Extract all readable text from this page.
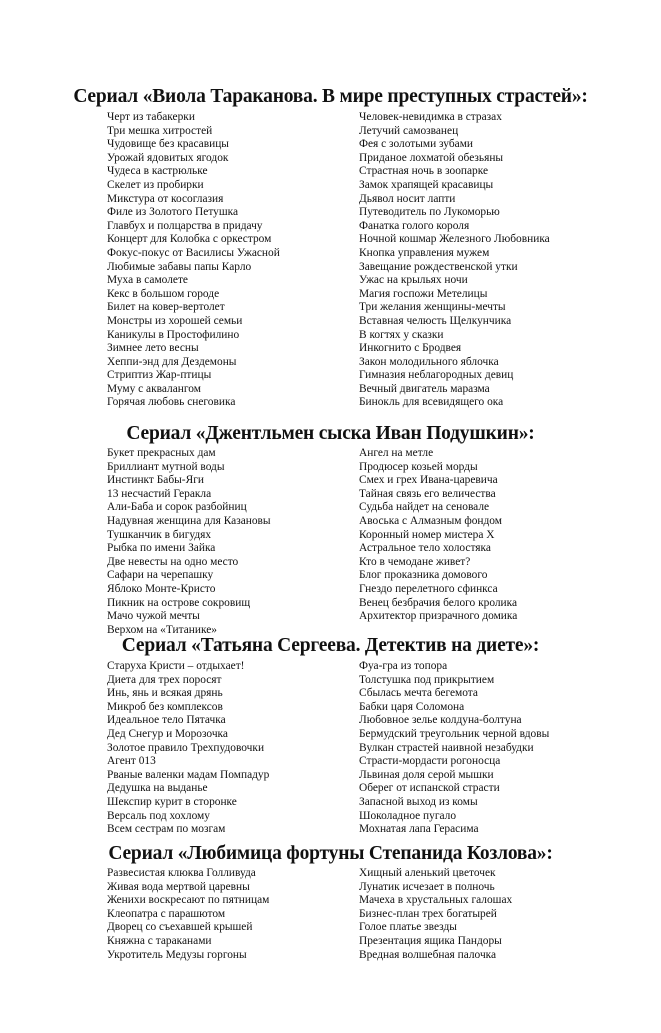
Сериал «Виола Тараканова. В мире преступных страстей»:
Черт из табакерки
Три мешка хитростей
Чудовище без красавицы
Урожай ядовитых ягодок
Чудеса в кастрюльке
Скелет из пробирки
Микстура от косоглазия
Филе из Золотого Петушка
Главбух и полцарства в придачу
Концерт для Колобка с оркестром
Фокус-покус от Василисы Ужасной
Любимые забавы папы Карло
Муха в самолете
Кекс в большом городе
Билет на ковер-вертолет
Монстры из хорошей семьи
Каникулы в Простофилино
Зимнее лето весны
Хеппи-энд для Дездемоны
Стриптиз Жар-птицы
Муму с аквалангом
Горячая любовь снеговика
Человек-невидимка в стразах
Летучий самозванец
Фея с золотыми зубами
Приданое лохматой обезьяны
Страстная ночь в зоопарке
Замок храпящей красавицы
Дьявол носит лапти
Путеводитель по Лукоморью
Фанатка голого короля
Ночной кошмар Железного Любовника
Кнопка управления мужем
Завещание рождественской утки
Ужас на крыльях ночи
Магия госпожи Метелицы
Три желания женщины-мечты
Вставная челюсть Щелкунчика
В когтях у сказки
Инкогнито с Бродвея
Закон молодильного яблочка
Гимназия неблагородных девиц
Вечный двигатель маразма
Бинокль для всевидящего ока
Сериал «Джентльмен сыска Иван Подушкин»:
Букет прекрасных дам
Бриллиант мутной воды
Инстинкт Бабы-Яги
13 несчастий Геракла
Али-Баба и сорок разбойниц
Надувная женщина для Казановы
Тушканчик в бигудях
Рыбка по имени Зайка
Две невесты на одно место
Сафари на черепашку
Яблоко Монте-Кристо
Пикник на острове сокровищ
Мачо чужой мечты
Верхом на «Титанике»
Ангел на метле
Продюсер козьей морды
Смех и грех Ивана-царевича
Тайная связь его величества
Судьба найдет на сеновале
Авоська с Алмазным фондом
Коронный номер мистера Х
Астральное тело холостяка
Кто в чемодане живет?
Блог проказника домового
Гнездо перелетного сфинкса
Венец безбрачия белого кролика
Архитектор призрачного домика
Сериал «Татьяна Сергеева. Детектив на диете»:
Старуха Кристи – отдыхает!
Диета для трех поросят
Инь, янь и всякая дрянь
Микроб без комплексов
Идеальное тело Пятачка
Дед Снегур и Морозочка
Золотое правило Трехпудовочки
Агент 013
Рваные валенки мадам Помпадур
Дедушка на выданье
Шекспир курит в сторонке
Версаль под хохлому
Всем сестрам по мозгам
Фуа-гра из топора
Толстушка под прикрытием
Сбылась мечта бегемота
Бабки царя Соломона
Любовное зелье колдуна-болтуна
Бермудский треугольник черной вдовы
Вулкан страстей наивной незабудки
Страсти-мордасти рогоносца
Львиная доля серой мышки
Оберег от испанской страсти
Запасной выход из комы
Шоколадное пугало
Мохнатая лапа Герасима
Сериал «Любимица фортуны Степанида Козлова»:
Развесистая клюква Голливуда
Живая вода мертвой царевны
Женихи воскресают по пятницам
Клеопатра с парашютом
Дворец со съехавшей крышей
Княжна с тараканами
Укротитель Медузы горгоны
Хищный аленький цветочек
Лунатик исчезает в полночь
Мачеха в хрустальных галошах
Бизнес-план трех богатырей
Голое платье звезды
Презентация ящика Пандоры
Вредная волшебная палочка
